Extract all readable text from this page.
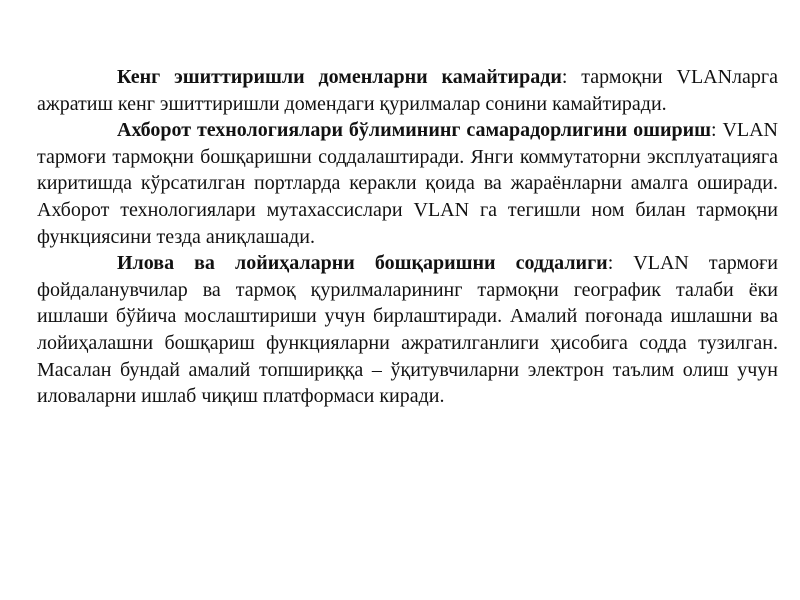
Кенг эшиттиришли доменларни камайтиради: тармоқни VLANларга ажратиш кенг эшиттиришли домендаги қурилмалар сонини камайтиради.

Ахборот технологиялари бўлимининг самарадорлигини ошириш: VLAN тармоғи тармоқни бошқаришни соддалаштиради. Янги коммутаторни эксплуатацияга киритишда кўрсатилган портларда керакли қоида ва жараёнларни амалга оширади. Ахборот технологиялари мутахассислари VLAN га тегишли ном билан тармоқни функциясини тезда аниқлашади.

Илова ва лойиҳаларни бошқаришни соддалиги: VLAN тармоғи фойдаланувчилар ва тармоқ қурилмаларининг тармоқни географик талаби ёки ишлаши бўйича мослаштириши учун бирлаштиради. Амалий поғонада ишлашни ва лойиҳалашни бошқариш функцияларни ажратилганлиги ҳисобига содда тузилган. Масалан бундай амалий топшириққа – ўқитувчиларни электрон таълим олиш учун иловаларни ишлаб чиқиш платформаси киради.
